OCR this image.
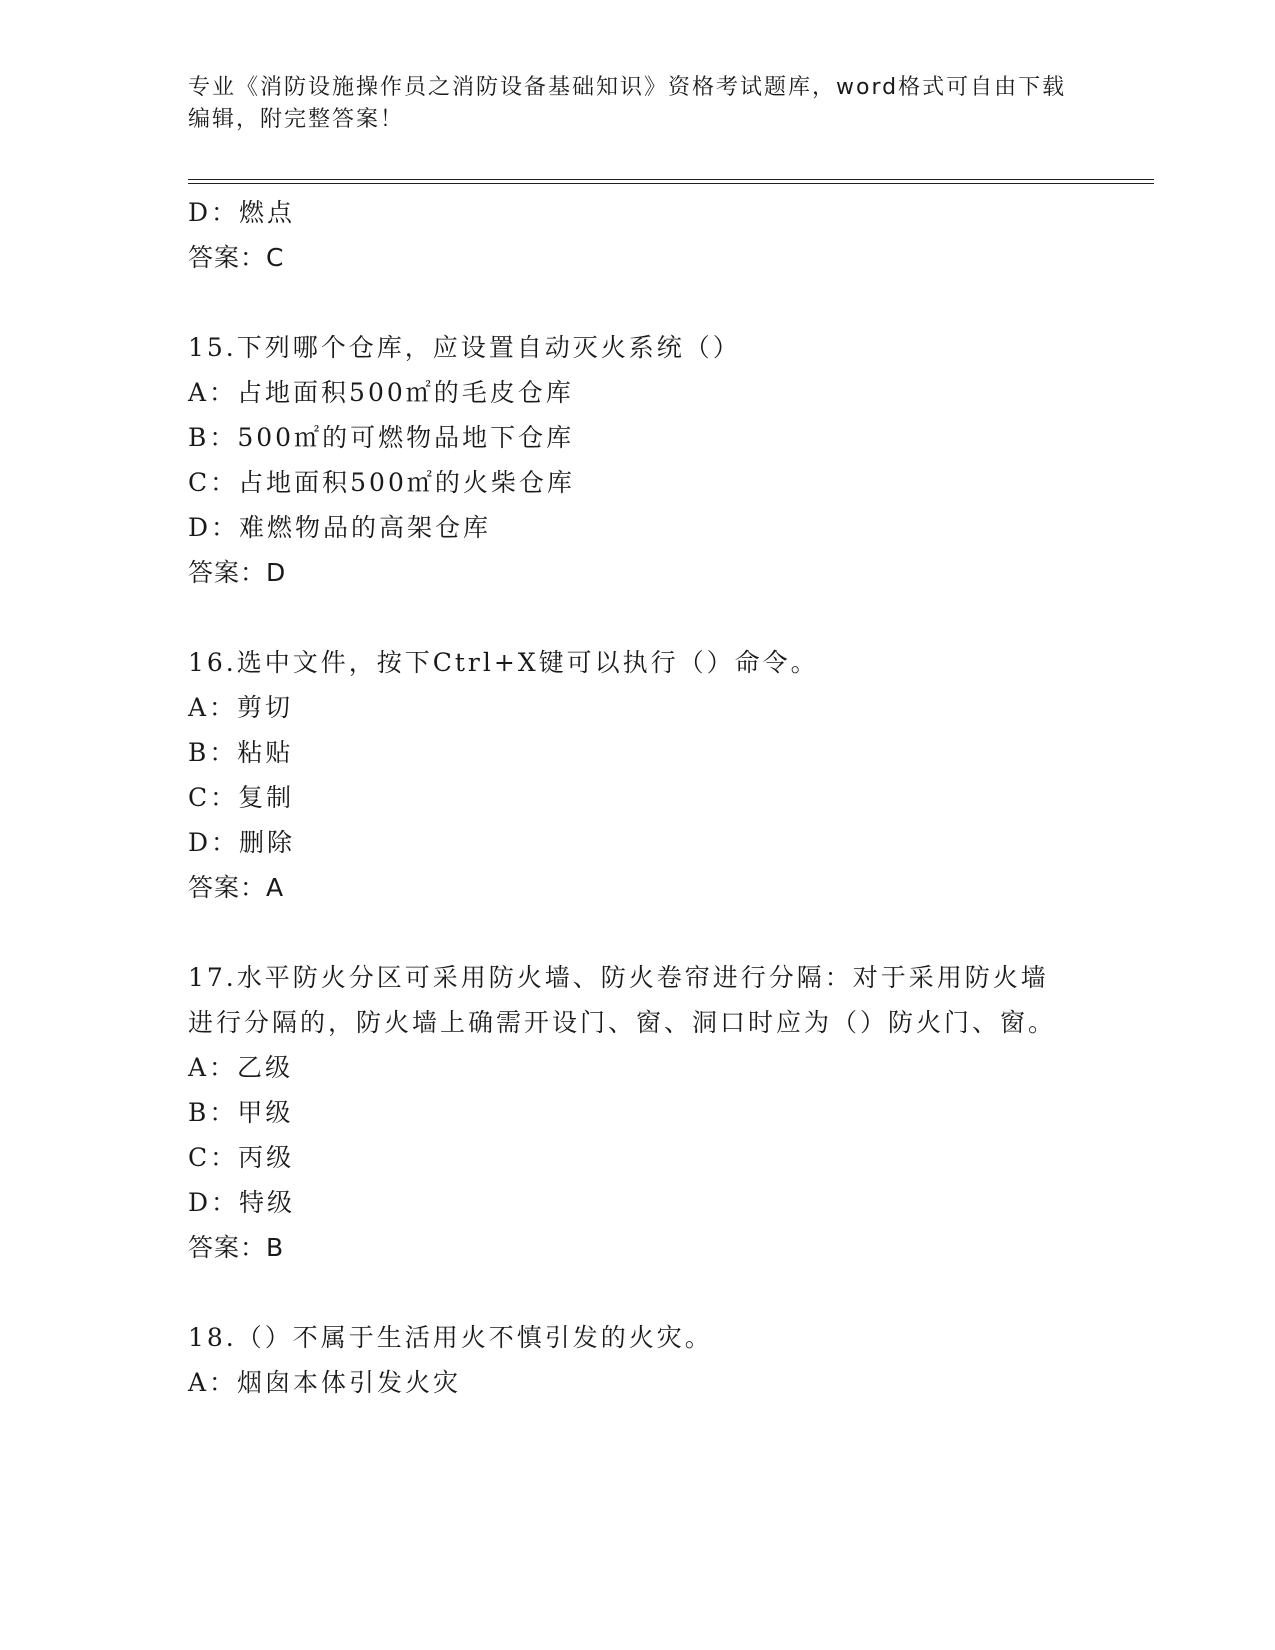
专业《消防设施操作员之消防设备基础知识》资格考试题库，word格式可自由下载编辑，附完整答案！
D：燃点
答案：C
15.下列哪个仓库，应设置自动灭火系统（）
A：占地面积500㎡的毛皮仓库
B：500㎡的可燃物品地下仓库
C：占地面积500㎡的火柴仓库
D：难燃物品的高架仓库
答案：D
16.选中文件，按下Ctrl+X键可以执行（）命令。
A：剪切
B：粘贴
C：复制
D：删除
答案：A
17.水平防火分区可采用防火墙、防火卷帘进行分隔：对于采用防火墙进行分隔的，防火墙上确需开设门、窗、洞口时应为（）防火门、窗。
A：乙级
B：甲级
C：丙级
D：特级
答案：B
18.（）不属于生活用火不慎引发的火灾。
A：烟囱本体引发火灾
